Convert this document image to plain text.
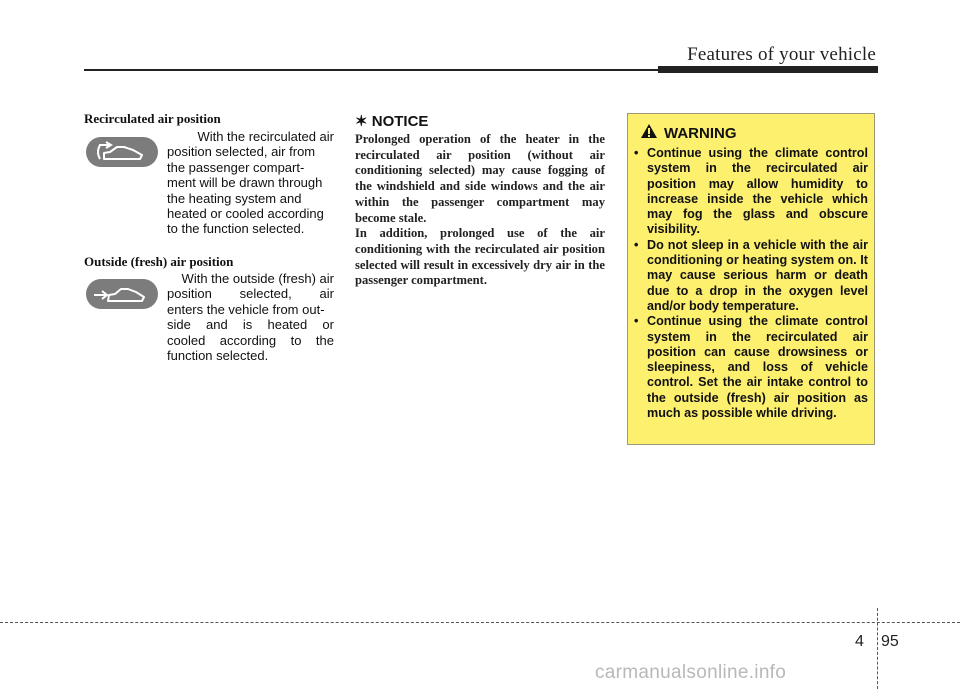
Features of your vehicle
Recirculated air position
With the recirculated air
position selected, air from
the passenger compart-
ment will be drawn through
the heating system and
heated or cooled according
to the function selected.
Outside (fresh) air position
With the outside (fresh) air
position selected, air
enters the vehicle from out-
side and is heated or
cooled according to the
function selected.
✶ NOTICE

Prolonged operation of the heater in the recirculated air position (without air conditioning selected) may cause fogging of the windshield and side windows and the air within the passenger compartment may become stale.

In addition, prolonged use of the air conditioning with the recirculated air position selected will result in excessively dry air in the passenger compartment.

WARNING
• Continue using the climate control system in the recirculated air position may allow humidity to increase inside the vehicle which may fog the glass and obscure visibility.
• Do not sleep in a vehicle with the air conditioning or heating system on. It may cause serious harm or death due to a drop in the oxygen level and/or body temperature.
• Continue using the climate control system in the recirculated air position can cause drowsiness or sleepiness, and loss of vehicle control. Set the air intake control to the outside (fresh) air position as much as possible while driving.
4 95
carmanualsonline.info
